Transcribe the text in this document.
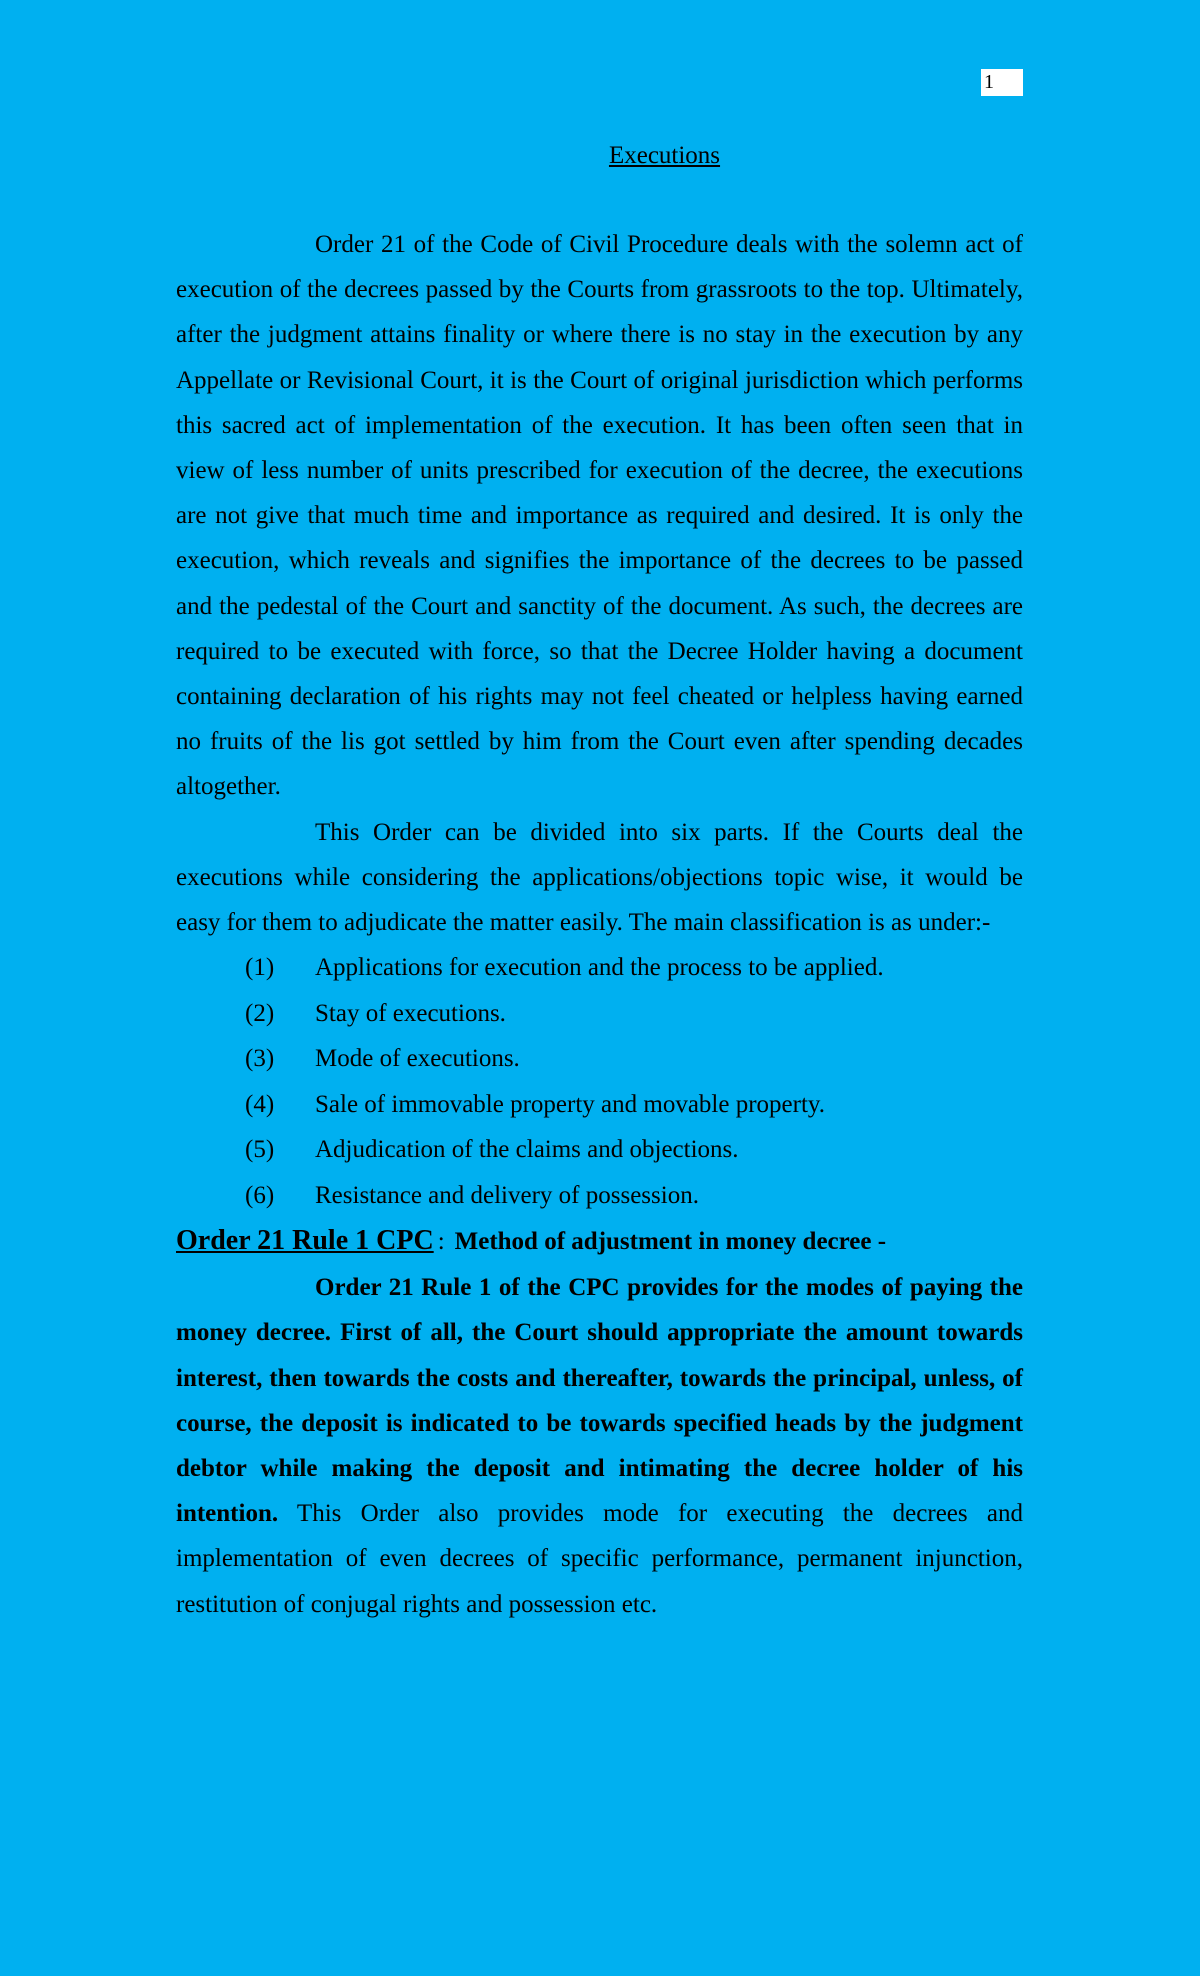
1
Executions

Order 21 of the Code of Civil Procedure deals with the solemn act of execution of the decrees passed by the Courts from grassroots to the top. Ultimately, after the judgment attains finality or where there is no stay in the execution by any Appellate or Revisional Court, it is the Court of original jurisdiction which performs this sacred act of implementation of the execution. It has been often seen that in view of less number of units prescribed for execution of the decree, the executions are not give that much time and importance as required and desired. It is only the execution, which reveals and signifies the importance of the decrees to be passed and the pedestal of the Court and sanctity of the document. As such, the decrees are required to be executed with force, so that the Decree Holder having a document containing declaration of his rights may not feel cheated or helpless having earned no fruits of the lis got settled by him from the Court even after spending decades altogether.

This Order can be divided into six parts. If the Courts deal the executions while considering the applications/objections topic wise, it would be easy for them to adjudicate the matter easily. The main classification is as under:-

(1) Applications for execution and the process to be applied.
(2) Stay of executions.
(3) Mode of executions.
(4) Sale of immovable property and movable property.
(5) Adjudication of the claims and objections.
(6) Resistance and delivery of possession.

Order 21 Rule 1 CPC : Method of adjustment in money decree -

Order 21 Rule 1 of the CPC provides for the modes of paying the money decree. First of all, the Court should appropriate the amount towards interest, then towards the costs and thereafter, towards the principal, unless, of course, the deposit is indicated to be towards specified heads by the judgment debtor while making the deposit and intimating the decree holder of his intention. This Order also provides mode for executing the decrees and implementation of even decrees of specific performance, permanent injunction, restitution of conjugal rights and possession etc.
